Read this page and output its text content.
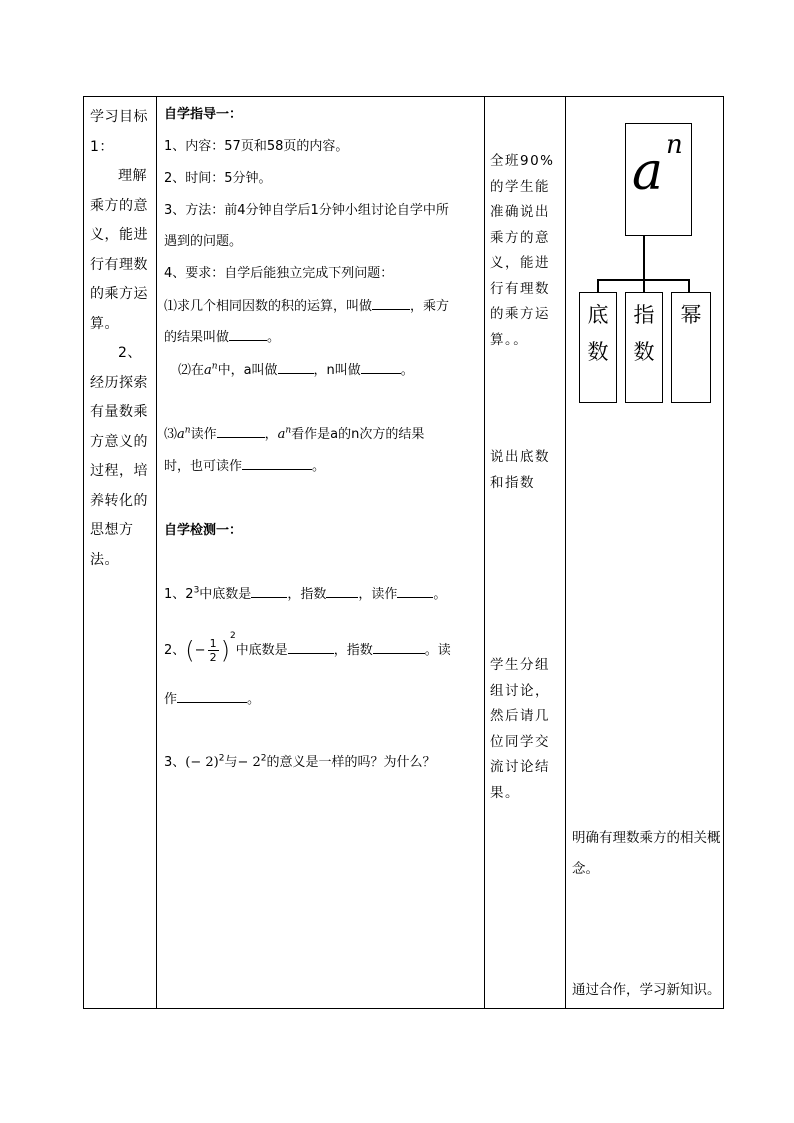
学习目标1：
理解乘方的意义，能进行有理数的乘方运算。
2、经历探索有量数乘方意义的过程，培养转化的思想方法。
自学指导一：
1、内容：57页和58页的内容。
2、时间：5分钟。
3、方法：前4分钟自学后1分钟小组讨论自学中所
遇到的问题。
4、要求：自学后能独立完成下列问题：
⑴求几个相同因数的积的运算，叫做	，乘方
的结果叫做	。
⑵在$a^n$中，a叫做	，n叫做	。
$⑶a^n$读作	，$a^n$看作是a的n次方的结果
时，也可读作	。
自学检测一：
1、$2^3$中底数是	，指数 ，读作	。
2、(− $\frac{1}{2} )^2$中底数是	，指数	。读
作	。
3、(− 2)$^2$与− $2^2$的意义是一样的吗？为什么？
全班90%的学生能准确说出乘方的意义，能进行有理数的乘方运算。。
说出底数和指数
学生分组组讨论，然后请几位同学交流讨论结果。
a n
底数
指数
幂
明确有理数乘方的相关概念。
通过合作，学习新知识。
